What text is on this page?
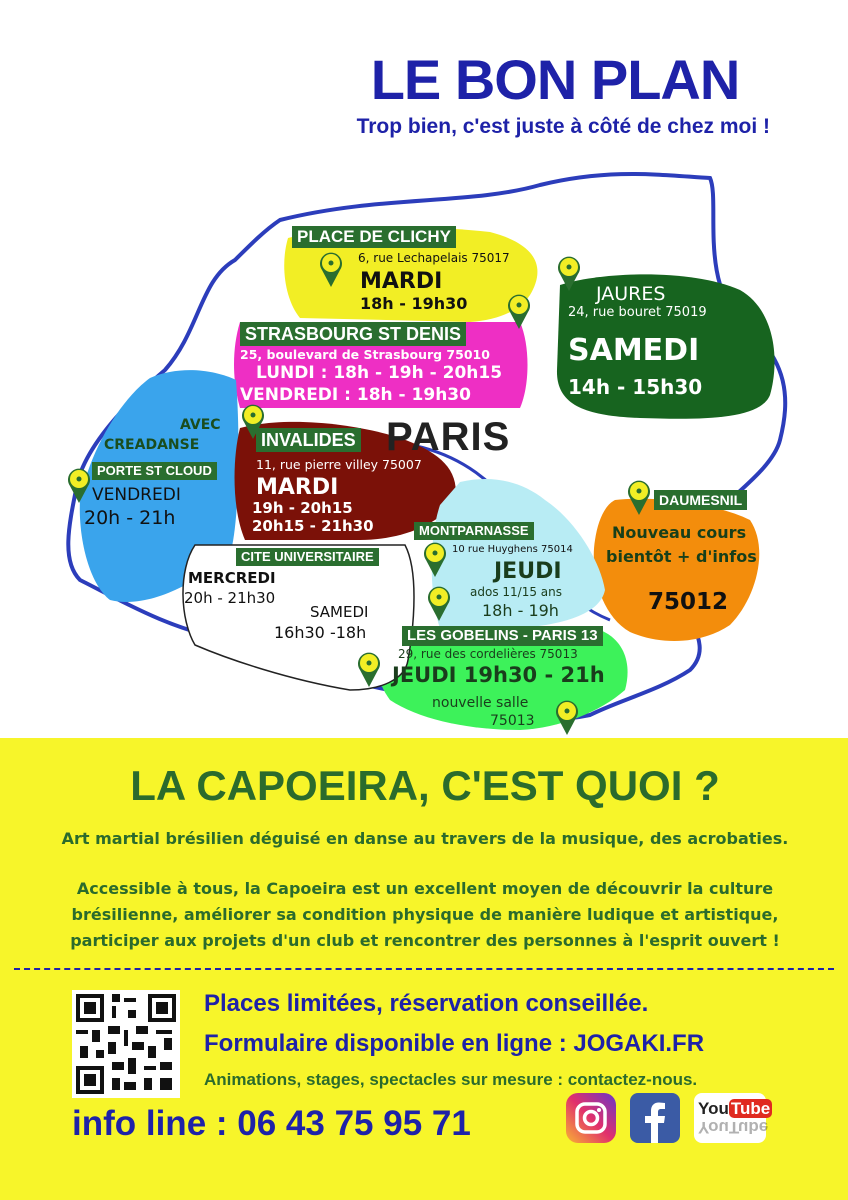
LE BON PLAN
Trop bien, c'est juste à côté de chez moi !
PARIS
PLACE DE CLICHY
6, rue Lechapelais 75017
MARDI
18h - 19h30
STRASBOURG ST DENIS
25, boulevard de Strasbourg 75010
LUNDI : 18h - 19h - 20h15
VENDREDI : 18h - 19h30
JAURES
24, rue bouret 75019
SAMEDI
14h - 15h30
AVEC
CREADANSE
PORTE ST CLOUD
VENDREDI
20h - 21h
INVALIDES
11, rue pierre villey 75007
MARDI
19h - 20h15
20h15 - 21h30
DAUMESNIL
Nouveau cours
bientôt + d'infos
75012
MONTPARNASSE
10 rue Huyghens 75014
JEUDI
ados 11/15 ans
18h - 19h
CITE UNIVERSITAIRE
MERCREDI
20h - 21h30
SAMEDI
16h30 -18h	LES GOBELINS - PARIS 13
29, rue des cordelières 75013
JEUDI 19h30 - 21h
nouvelle salle
75013
LA CAPOEIRA, C'EST QUOI ?
Art martial brésilien déguisé en danse au travers de la musique, des acrobaties.
Accessible à tous, la Capoeira est un excellent moyen de découvrir la culture
brésilienne, améliorer sa condition physique de manière ludique et artistique,
participer aux projets d'un club et rencontrer des personnes à l'esprit ouvert !
Places limitées, réservation conseillée.
Formulaire disponible en ligne : JOGAKI.FR
Animations, stages, spectacles sur mesure : contactez-nous.
info line : 06 43 75 95 71	You Tube
YouTube
